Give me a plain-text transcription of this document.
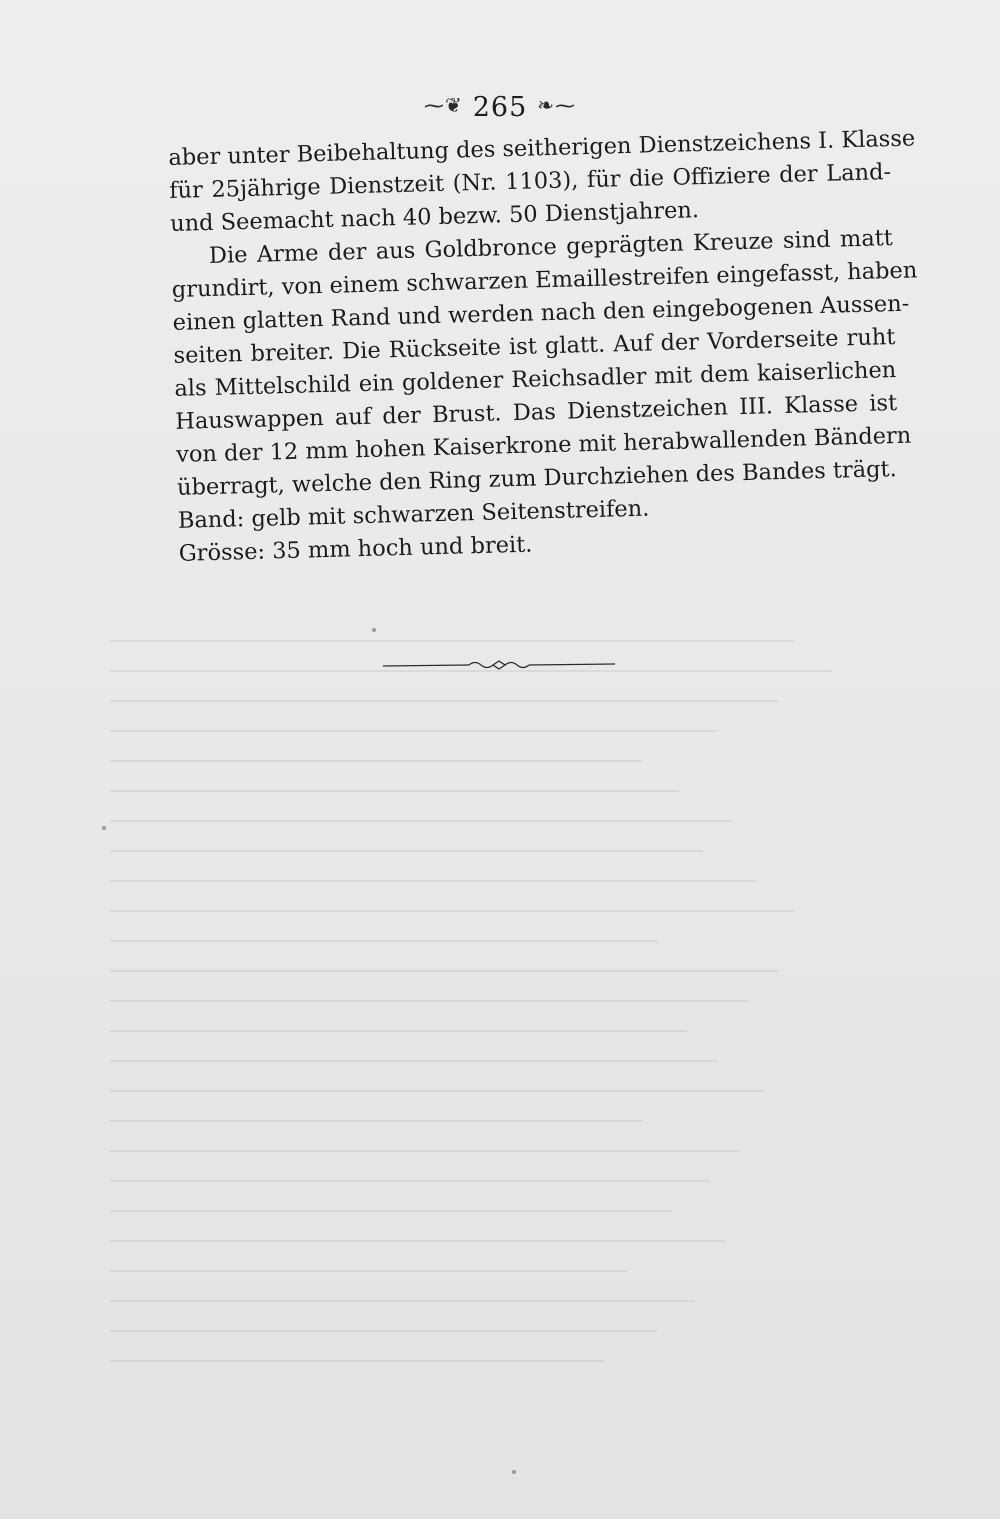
⁓❦ 265 ❧⁓
aber unter Beibehaltung des seitherigen Dienstzeichens I. Klasse
für 25jährige Dienstzeit (Nr. 1103), für die Offiziere der Land-
und Seemacht nach 40 bezw. 50 Dienstjahren.
Die Arme der aus Goldbronce geprägten Kreuze sind matt
grundirt, von einem schwarzen Emaillestreifen eingefasst, haben
einen glatten Rand und werden nach den eingebogenen Aussen-
seiten breiter. Die Rückseite ist glatt. Auf der Vorderseite ruht
als Mittelschild ein goldener Reichsadler mit dem kaiserlichen
Hauswappen auf der Brust. Das Dienstzeichen III. Klasse ist
von der 12 mm hohen Kaiserkrone mit herabwallenden Bändern
überragt, welche den Ring zum Durchziehen des Bandes trägt.
Band: gelb mit schwarzen Seitenstreifen.
Grösse: 35 mm hoch und breit.
